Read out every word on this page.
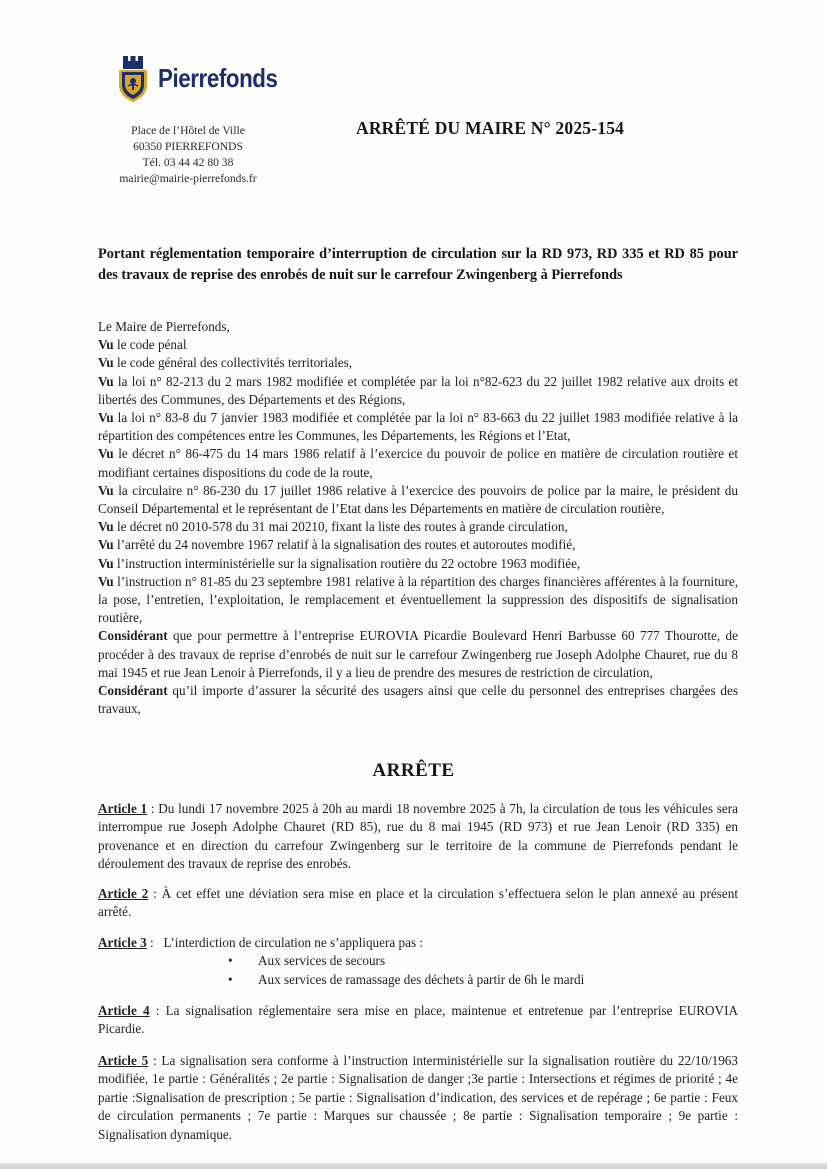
Pierrefonds
Place de l’Hôtel de Ville
60350 PIERREFONDS
Tél. 03 44 42 80 38
mairie@mairie-pierrefonds.fr
ARRÊTÉ DU MAIRE N° 2025-154
Portant réglementation temporaire d’interruption de circulation sur la RD 973, RD 335 et RD 85 pour des travaux de reprise des enrobés de nuit sur le carrefour Zwingenberg à Pierrefonds

Le Maire de Pierrefonds,

Vu le code pénal

Vu le code général des collectivités territoriales,

Vu la loi n° 82-213 du 2 mars 1982 modifiée et complétée par la loi n°82-623 du 22 juillet 1982 relative aux droits et libertés des Communes, des Départements et des Régions,

Vu la loi n° 83-8 du 7 janvier 1983 modifiée et complétée par la loi n° 83-663 du 22 juillet 1983 modifiée relative à la répartition des compétences entre les Communes, les Départements, les Régions et l’Etat,

Vu le décret n° 86-475 du 14 mars 1986 relatif à l’exercice du pouvoir de police en matière de circulation routière et modifiant certaines dispositions du code de la route,

Vu la circulaire n° 86-230 du 17 juillet 1986 relative à l’exercice des pouvoirs de police par la maire, le président du Conseil Départemental et le représentant de l’Etat dans les Départements en matière de circulation routière,

Vu le décret n0 2010-578 du 31 mai 20210, fixant la liste des routes à grande circulation,

Vu l’arrêté du 24 novembre 1967 relatif à la signalisation des routes et autoroutes modifié,

Vu l’instruction interministérielle sur la signalisation routière du 22 octobre 1963 modifiée,

Vu l’instruction n° 81-85 du 23 septembre 1981 relative à la répartition des charges financières afférentes à la fourniture, la pose, l’entretien, l’exploitation, le remplacement et éventuellement la suppression des dispositifs de signalisation routière,

Considérant que pour permettre à l’entreprise EUROVIA Picardie Boulevard Henri Barbusse 60 777 Thourotte, de procéder à des travaux de reprise d’enrobés de nuit sur le carrefour Zwingenberg rue Joseph Adolphe Chauret, rue du 8 mai 1945 et rue Jean Lenoir à Pierrefonds, il y a lieu de prendre des mesures de restriction de circulation,

Considérant qu’il importe d’assurer la sécurité des usagers ainsi que celle du personnel des entreprises chargées des travaux,

ARRÊTE
Article 1 : Du lundi 17 novembre 2025 à 20h au mardi 18 novembre 2025 à 7h, la circulation de tous les véhicules sera interrompue rue Joseph Adolphe Chauret (RD 85), rue du 8 mai 1945 (RD 973) et rue Jean Lenoir (RD 335) en provenance et en direction du carrefour Zwingenberg sur le territoire de la commune de Pierrefonds pendant le déroulement des travaux de reprise des enrobés.
Article 2 : À cet effet une déviation sera mise en place et la circulation s’effectuera selon le plan annexé au présent arrêté.
Article 3 :   L’interdiction de circulation ne s’appliquera pas :
• Aux services de secours
• Aux services de ramassage des déchets à partir de 6h le mardi
Article 4 : La signalisation réglementaire sera mise en place, maintenue et entretenue par l’entreprise EUROVIA Picardie.
Article 5 : La signalisation sera conforme à l’instruction interministérielle sur la signalisation routière du 22/10/1963 modifiée, 1e partie : Généralités ; 2e partie : Signalisation de danger ;3e partie : Intersections et régimes de priorité ; 4e partie :Signalisation de prescription ; 5e partie : Signalisation d’indication, des services et de repérage ; 6e partie : Feux de circulation permanents ; 7e partie : Marques sur chaussée ; 8e partie : Signalisation temporaire ; 9e partie : Signalisation dynamique.
